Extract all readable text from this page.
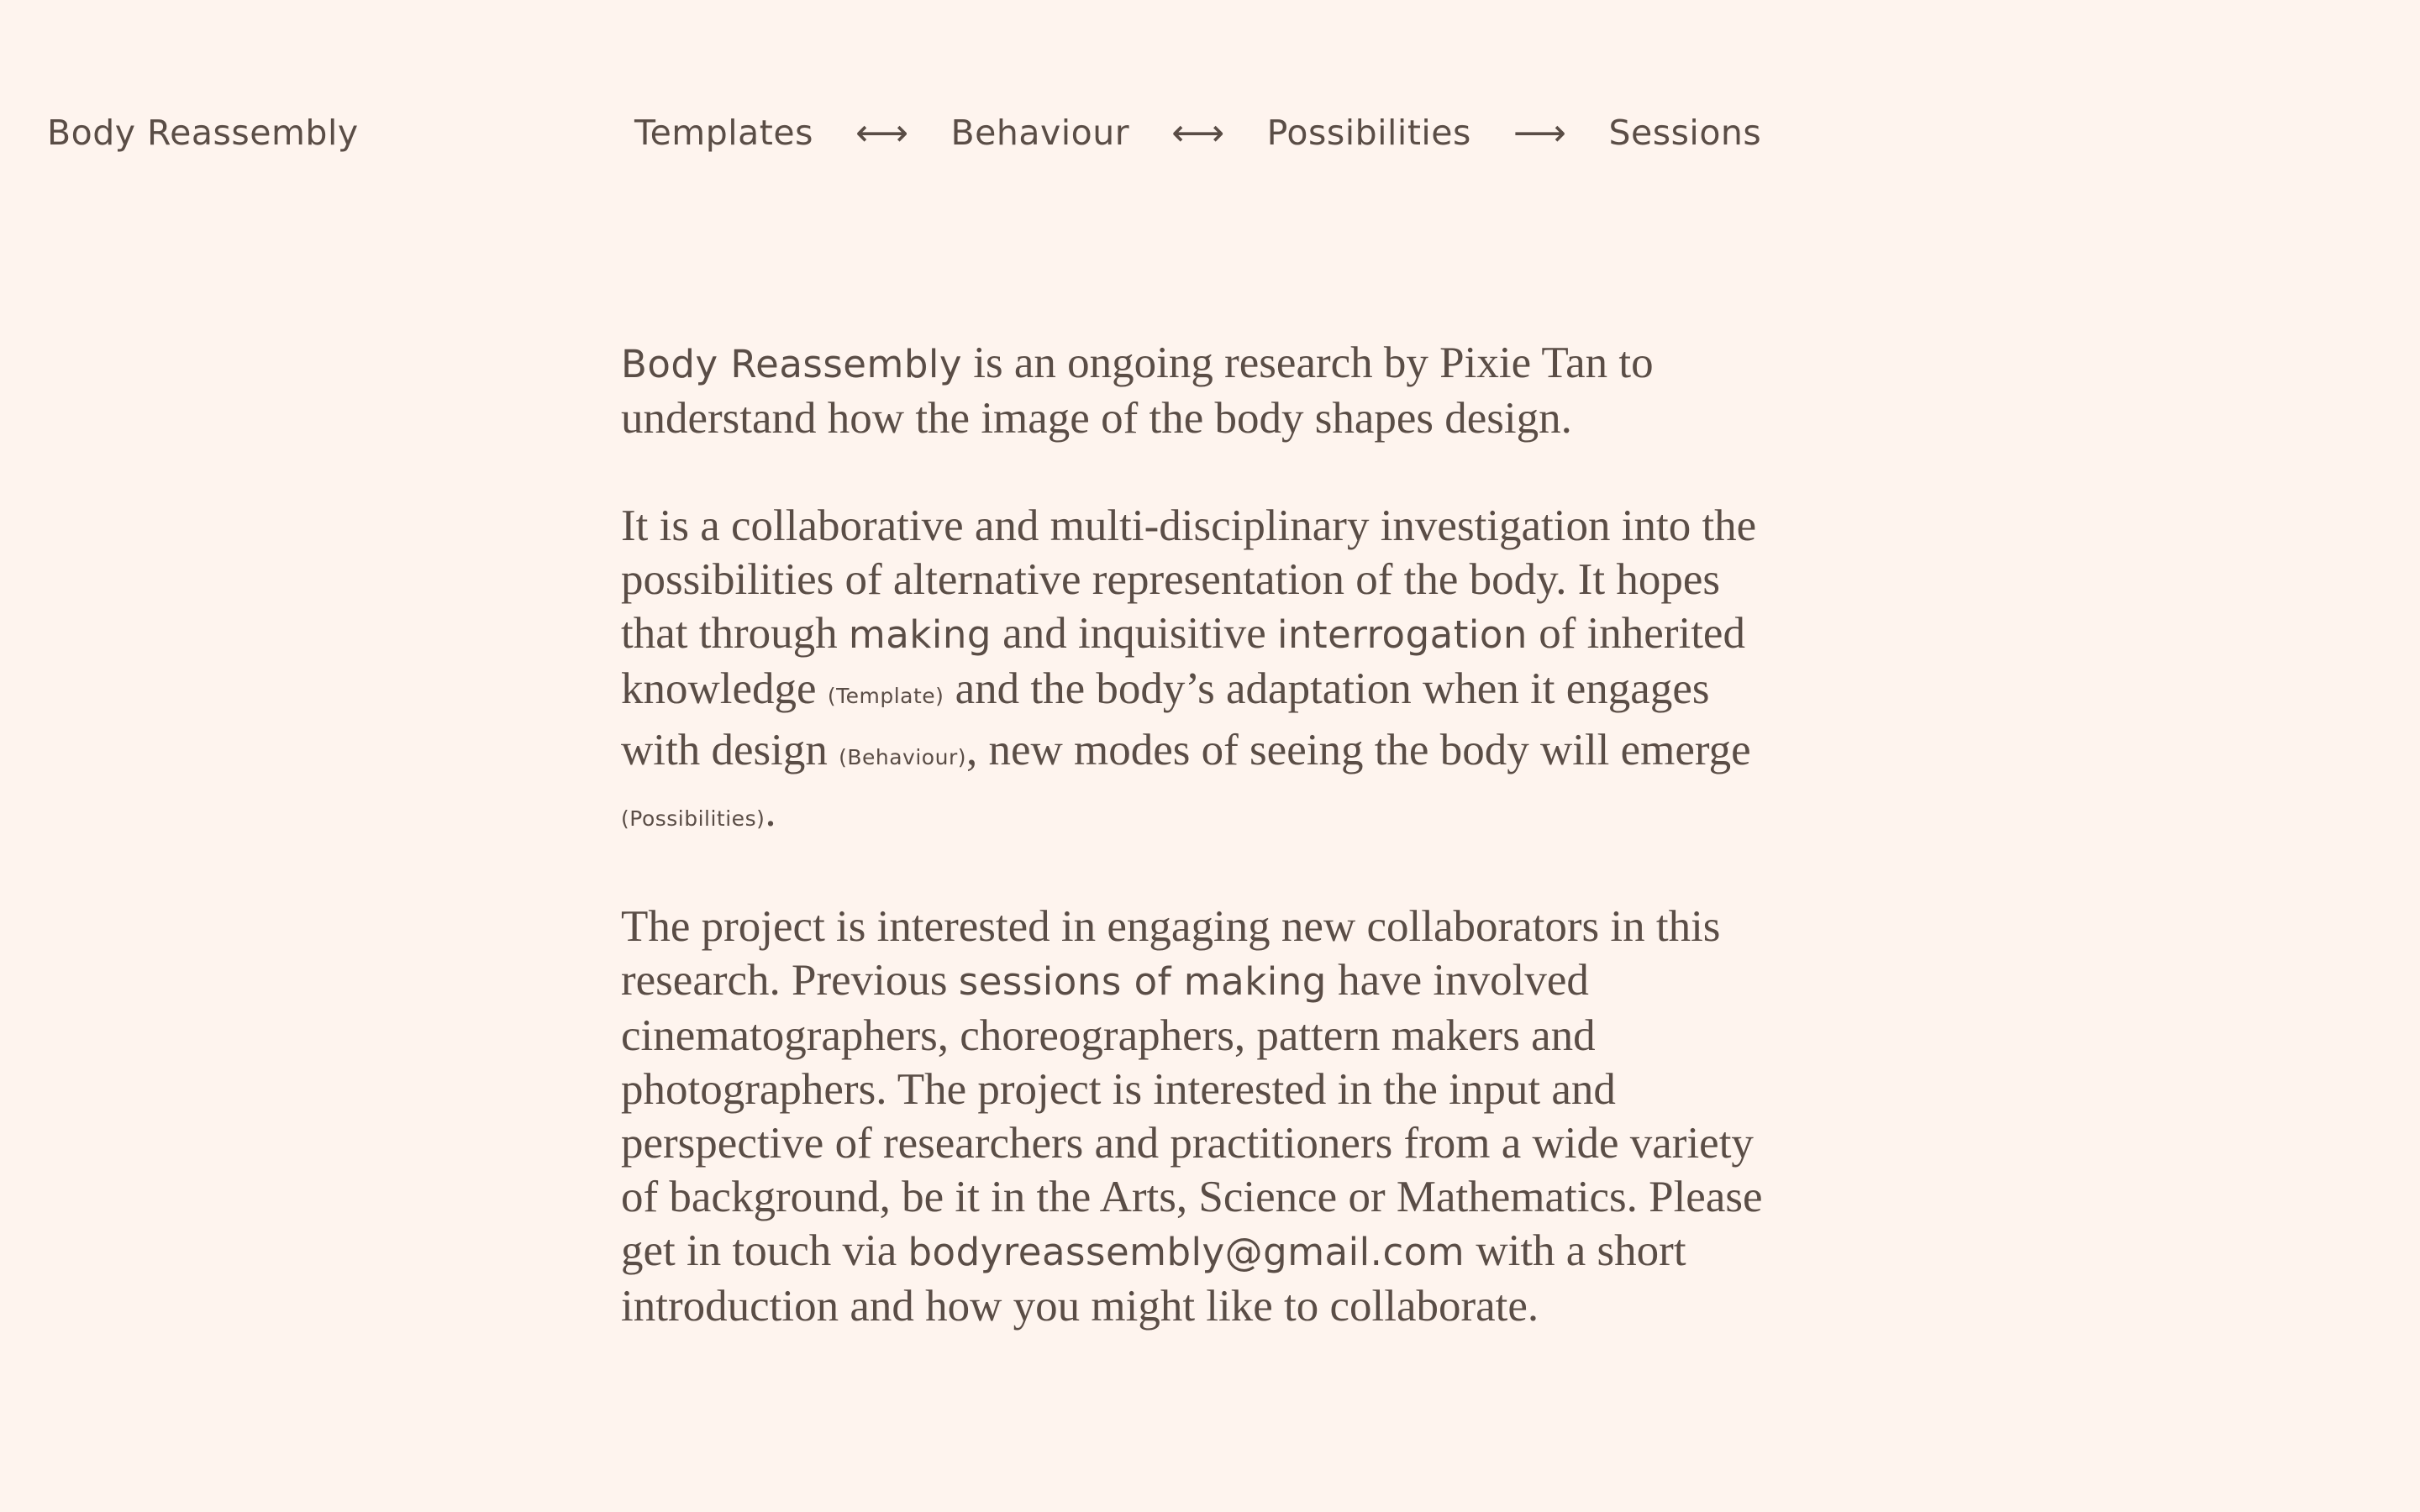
Body Reassembly	Templates ⟷ Behaviour ⟷ Possibilities ⟶ Sessions

Body Reassembly is an ongoing research by Pixie Tan to understand how the image of the body shapes design.

It is a collaborative and multi-disciplinary investigation into the possibilities of alternative representation of the body. It hopes that through making and inquisitive interrogation of inherited knowledge (Template) and the body’s adaptation when it engages with design (Behaviour), new modes of seeing the body will emerge (Possibilities).

The project is interested in engaging new collaborators in this research. Previous sessions of making have involved cinematographers, choreographers, pattern makers and photographers. The project is interested in the input and perspective of researchers and practitioners from a wide variety of background, be it in the Arts, Science or Mathematics. Please get in touch via bodyreassembly@gmail.com with a short introduction and how you might like to collaborate.
